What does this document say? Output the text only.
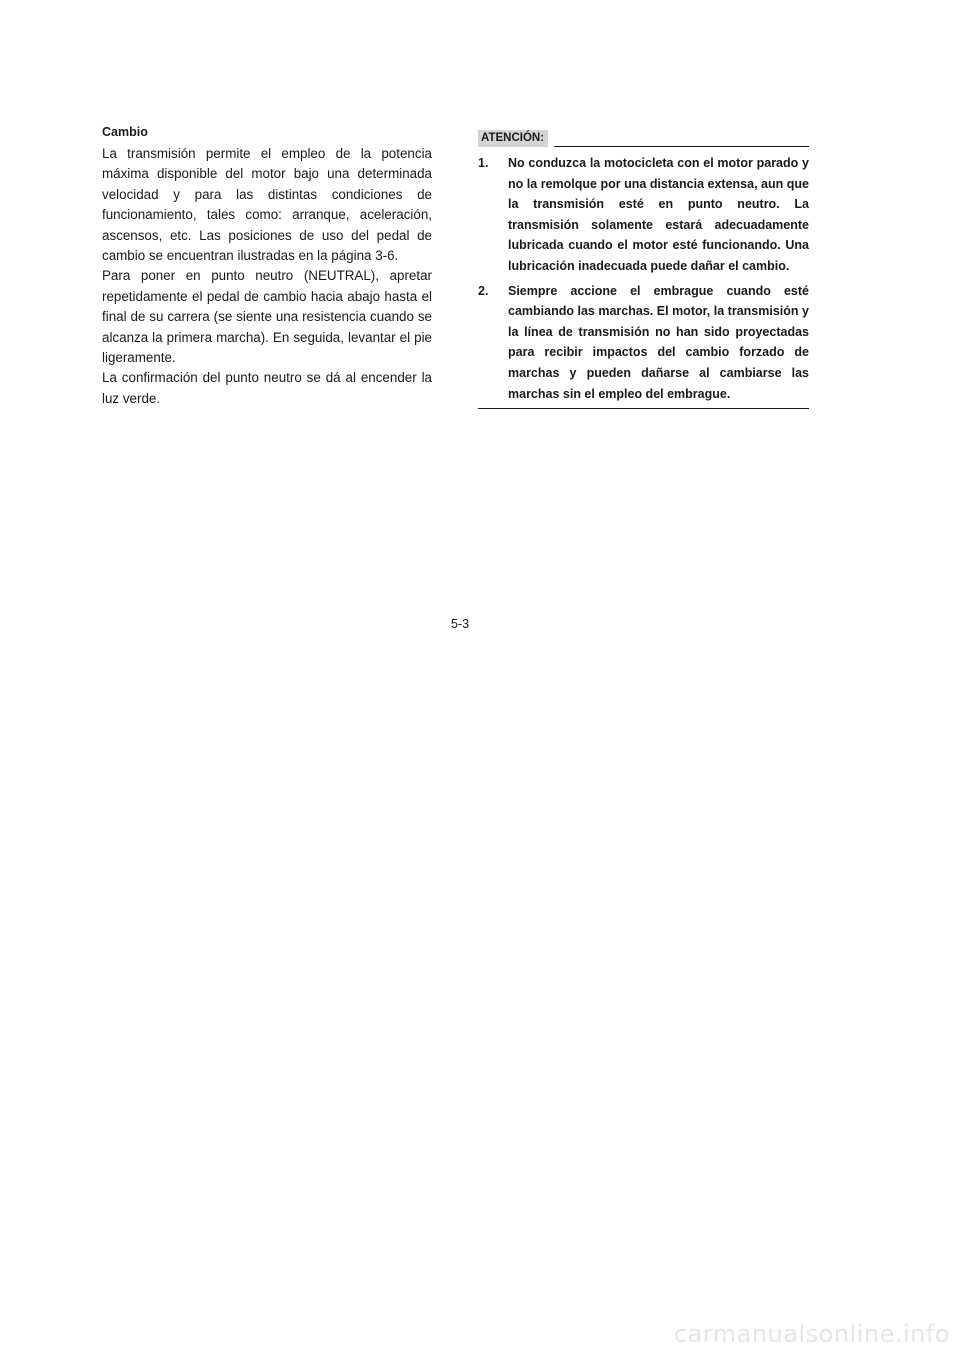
Cambio

La transmisión permite el empleo de la potencia máxima disponible del motor bajo una determinada velocidad y para las distintas condiciones de funcionamiento, tales como: arranque, aceleración, ascensos, etc. Las posiciones de uso del pedal de cambio se encuentran ilustradas en la página 3-6.

Para poner en punto neutro (NEUTRAL), apretar repetidamente el pedal de cambio hacia abajo hasta el final de su carrera (se siente una resistencia cuando se alcanza la primera marcha). En seguida, levantar el pie ligeramente.

La confirmación del punto neutro se dá al encender la luz verde.

ATENCIÓN:
1.	No conduzca la motocicleta con el motor parado y no la remolque por una distancia extensa, aun que la transmisión esté en punto neutro. La transmisión solamente estará adecuadamente lubricada cuando el motor esté funcionando. Una lubricación inadecuada puede dañar el cambio.
2.	Siempre accione el embrague cuando esté cambiando las marchas. El motor, la transmisión y la línea de transmisión no han sido proyectadas para recibir impactos del cambio forzado de marchas y pueden dañarse al cambiarse las marchas sin el empleo del embrague.
5-3
carmanualsonline.info
